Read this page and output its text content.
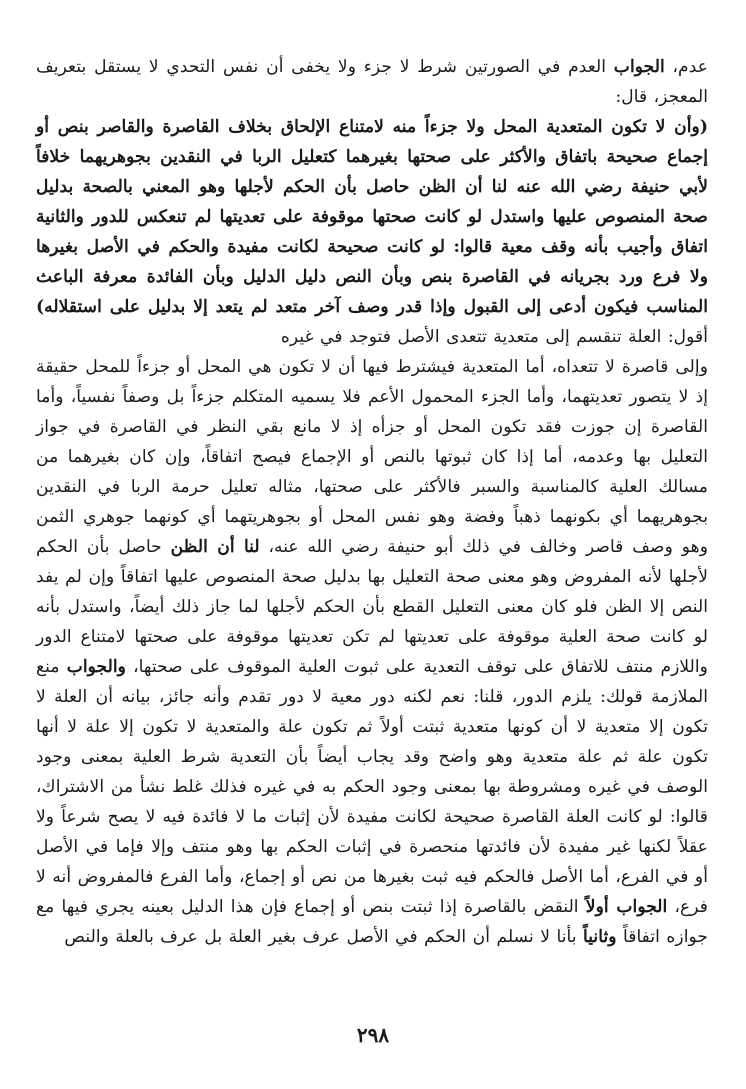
عدم، الجواب العدم في الصورتين شرط لا جزء ولا يخفى أن نفس التحدي لا يستقل بتعريف المعجز، قال:

(وأن لا تكون المتعدية المحل ولا جزءاً منه لامتناع الإلحاق بخلاف القاصرة والقاصر بنص أو إجماع صحيحة باتفاق والأكثر على صحتها بغيرهما كتعليل الربا في النقدين بجوهريهما خلافاً لأبي حنيفة رضي الله عنه لنا أن الظن حاصل بأن الحكم لأجلها وهو المعني بالصحة بدليل صحة المنصوص عليها واستدل لو كانت صحتها موقوفة على تعديتها لم تنعكس للدور والثانية اتفاق وأجيب بأنه وقف معية قالوا: لو كانت صحيحة لكانت مفيدة والحكم في الأصل بغيرها ولا فرع ورد بجريانه في القاصرة بنص وبأن النص دليل الدليل وبأن الفائدة معرفة الباعث المناسب فيكون أدعى إلى القبول وإذا قدر وصف آخر متعد لم يتعد إلا بدليل على استقلاله) أقول: العلة تنقسم إلى متعدية تتعدى الأصل فتوجد في غيره

وإلى قاصرة لا تتعداه، أما المتعدية فيشترط فيها أن لا تكون هي المحل أو جزءاً للمحل حقيقة إذ لا يتصور تعديتهما، وأما الجزء المحمول الأعم فلا يسميه المتكلم جزءاً بل وصفاً نفسياً، وأما القاصرة إن جوزت فقد تكون المحل أو جزأه إذ لا مانع بقي النظر في القاصرة في جواز التعليل بها وعدمه، أما إذا كان ثبوتها بالنص أو الإجماع فيصح اتفاقاً، وإن كان بغيرهما من مسالك العلية كالمناسبة والسبر فالأكثر على صحتها، مثاله تعليل حرمة الربا في النقدين بجوهريهما أي بكونهما ذهباً وفضة وهو نفس المحل أو بجوهريتهما أي كونهما جوهري الثمن وهو وصف قاصر وخالف في ذلك أبو حنيفة رضي الله عنه، لنا أن الظن حاصل بأن الحكم لأجلها لأنه المفروض وهو معنى صحة التعليل بها بدليل صحة المنصوص عليها اتفاقاً وإن لم يفد النص إلا الظن فلو كان معنى التعليل القطع بأن الحكم لأجلها لما جاز ذلك أيضاً، واستدل بأنه لو كانت صحة العلية موقوفة على تعديتها لم تكن تعديتها موقوفة على صحتها لامتناع الدور واللازم منتف للاتفاق على توقف التعدية على ثبوت العلية الموقوف على صحتها، والجواب منع الملازمة قولك: يلزم الدور، قلنا: نعم لكنه دور معية لا دور تقدم وأنه جائز، بيانه أن العلة لا تكون إلا متعدية لا أن كونها متعدية ثبتت أولاً ثم تكون علة والمتعدية لا تكون إلا علة لا أنها تكون علة ثم علة متعدية وهو واضح وقد يجاب أيضاً بأن التعدية شرط العلية بمعنى وجود الوصف في غيره ومشروطة بها بمعنى وجود الحكم به في غيره فذلك غلط نشأ من الاشتراك، قالوا: لو كانت العلة القاصرة صحيحة لكانت مفيدة لأن إثبات ما لا فائدة فيه لا يصح شرعاً ولا عقلاً لكنها غير مفيدة لأن فائدتها منحصرة في إثبات الحكم بها وهو منتف وإلا فإما في الأصل أو في الفرع، أما الأصل فالحكم فيه ثبت بغيرها من نص أو إجماع، وأما الفرع فالمفروض أنه لا فرع، الجواب أولاً النقض بالقاصرة إذا ثبتت بنص أو إجماع فإن هذا الدليل بعينه يجري فيها مع جوازه اتفاقاً وثانياً بأنا لا نسلم أن الحكم في الأصل عرف بغير العلة بل عرف بالعلة والنص

٢٩٨
